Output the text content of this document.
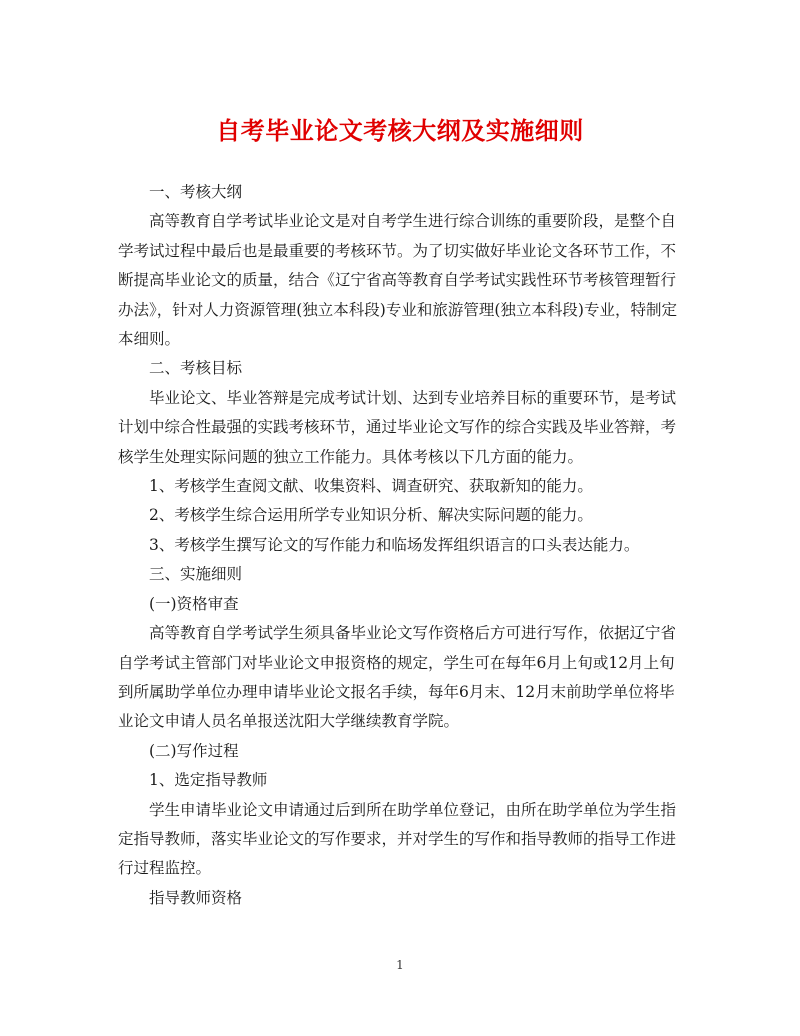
自考毕业论文考核大纲及实施细则

一、考核大纲

高等教育自学考试毕业论文是对自考学生进行综合训练的重要阶段，是整个自学考试过程中最后也是最重要的考核环节。为了切实做好毕业论文各环节工作，不断提高毕业论文的质量，结合《辽宁省高等教育自学考试实践性环节考核管理暂行办法》，针对人力资源管理(独立本科段)专业和旅游管理(独立本科段)专业，特制定本细则。

二、考核目标

毕业论文、毕业答辩是完成考试计划、达到专业培养目标的重要环节，是考试计划中综合性最强的实践考核环节，通过毕业论文写作的综合实践及毕业答辩，考核学生处理实际问题的独立工作能力。具体考核以下几方面的能力。

1、考核学生查阅文献、收集资料、调查研究、获取新知的能力。

2、考核学生综合运用所学专业知识分析、解决实际问题的能力。

3、考核学生撰写论文的写作能力和临场发挥组织语言的口头表达能力。

三、实施细则

(一)资格审查

高等教育自学考试学生须具备毕业论文写作资格后方可进行写作，依据辽宁省自学考试主管部门对毕业论文申报资格的规定，学生可在每年6月上旬或12月上旬到所属助学单位办理申请毕业论文报名手续，每年6月末、12月末前助学单位将毕业论文申请人员名单报送沈阳大学继续教育学院。

(二)写作过程

1、选定指导教师

学生申请毕业论文申请通过后到所在助学单位登记，由所在助学单位为学生指定指导教师，落实毕业论文的写作要求，并对学生的写作和指导教师的指导工作进行过程监控。

指导教师资格

1
